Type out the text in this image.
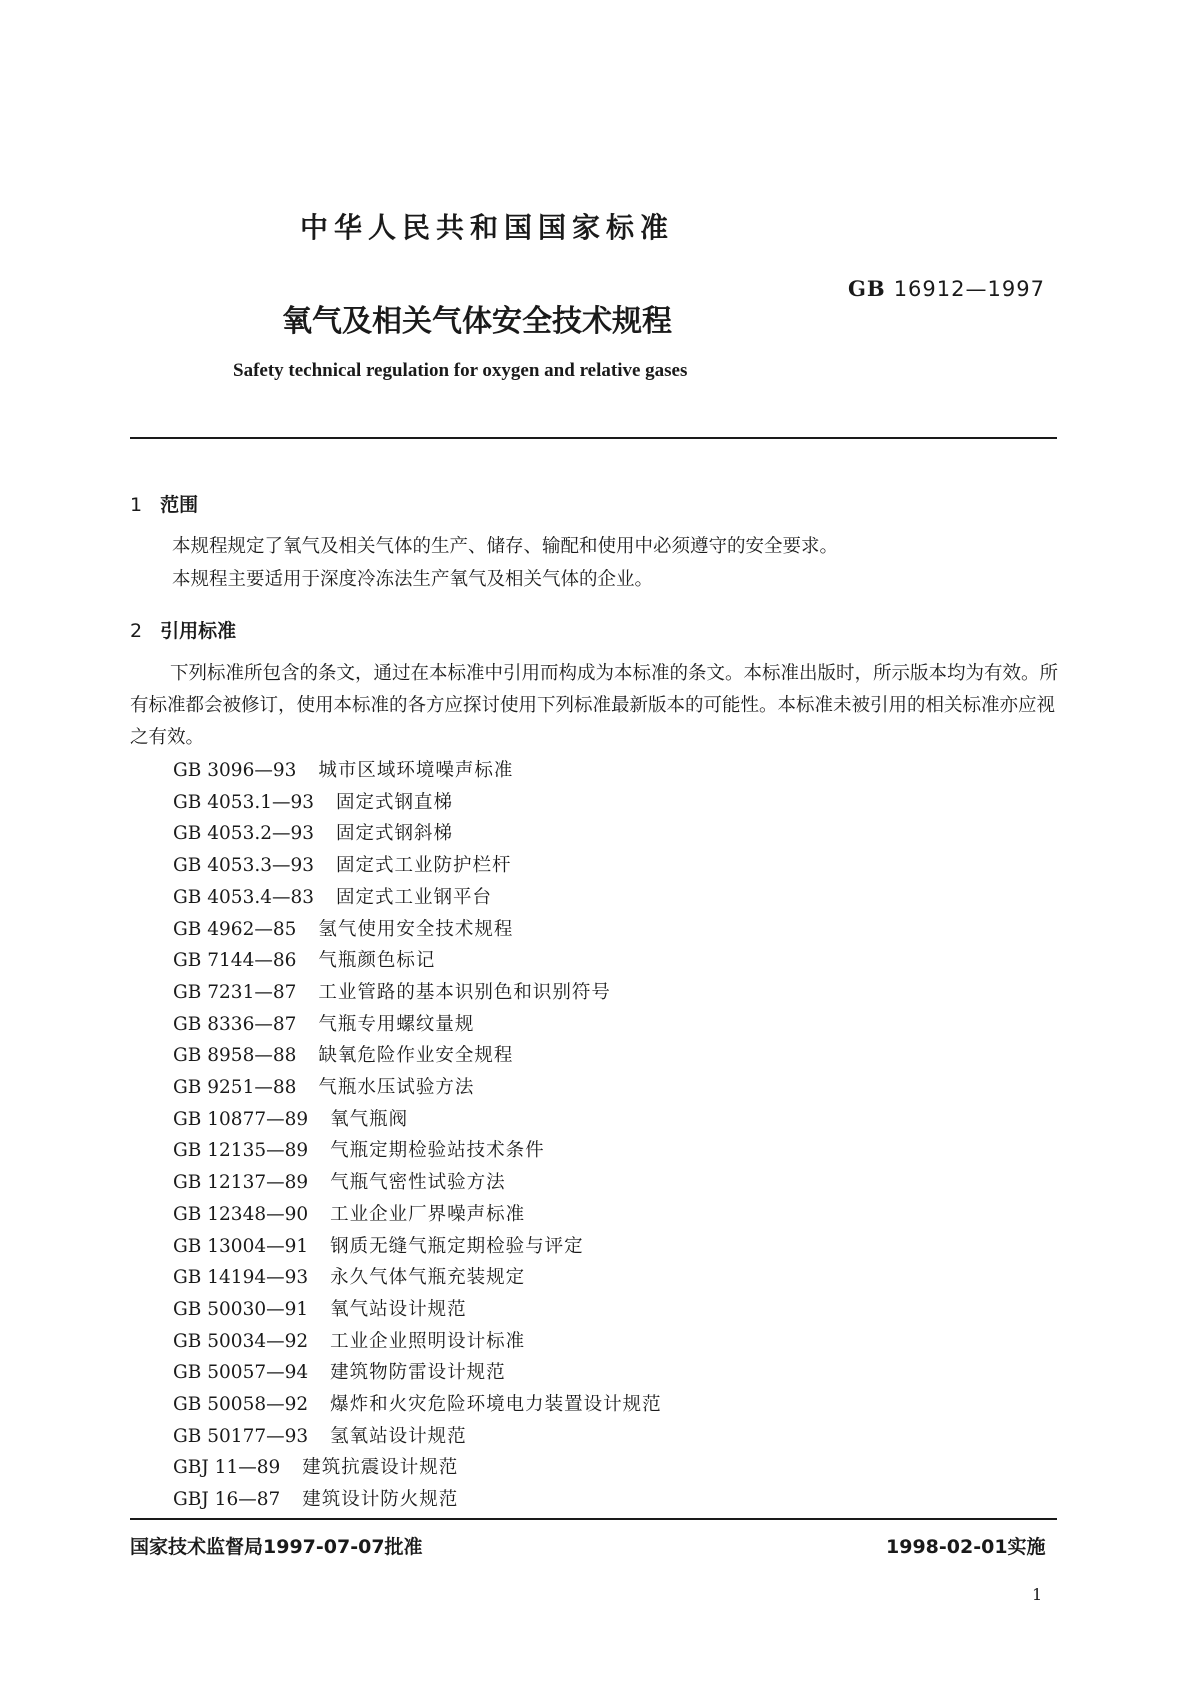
中华人民共和国国家标准
GB 16912—1997
氧气及相关气体安全技术规程
Safety technical regulation for oxygen and relative gases
1 范围
本规程规定了氧气及相关气体的生产、储存、输配和使用中必须遵守的安全要求。
本规程主要适用于深度冷冻法生产氧气及相关气体的企业。
2 引用标准
下列标准所包含的条文，通过在本标准中引用而构成为本标准的条文。本标准出版时，所示版本均为有效。所有标准都会被修订，使用本标准的各方应探讨使用下列标准最新版本的可能性。本标准未被引用的相关标准亦应视之有效。
GB 3096—93 城市区域环境噪声标准
GB 4053.1—93 固定式钢直梯
GB 4053.2—93 固定式钢斜梯
GB 4053.3—93 固定式工业防护栏杆
GB 4053.4—83 固定式工业钢平台
GB 4962—85 氢气使用安全技术规程
GB 7144—86 气瓶颜色标记
GB 7231—87 工业管路的基本识别色和识别符号
GB 8336—87 气瓶专用螺纹量规
GB 8958—88 缺氧危险作业安全规程
GB 9251—88 气瓶水压试验方法
GB 10877—89 氧气瓶阀
GB 12135—89 气瓶定期检验站技术条件
GB 12137—89 气瓶气密性试验方法
GB 12348—90 工业企业厂界噪声标准
GB 13004—91 钢质无缝气瓶定期检验与评定
GB 14194—93 永久气体气瓶充装规定
GB 50030—91 氧气站设计规范
GB 50034—92 工业企业照明设计标准
GB 50057—94 建筑物防雷设计规范
GB 50058—92 爆炸和火灾危险环境电力装置设计规范
GB 50177—93 氢氧站设计规范
GBJ 11—89 建筑抗震设计规范
GBJ 16—87 建筑设计防火规范
国家技术监督局1997-07-07批准	1998-02-01实施
1
